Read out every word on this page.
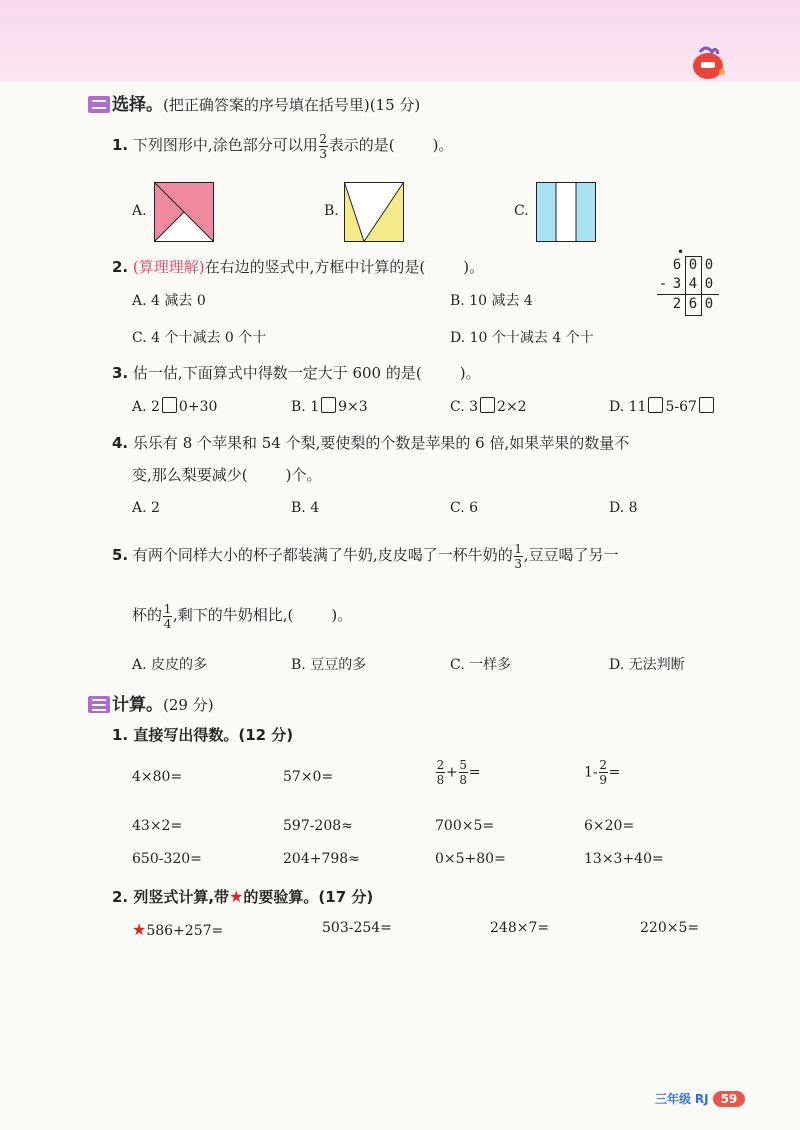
选择。(把正确答案的序号填在括号里)(15 分)
1. 下列图形中,涂色部分可以用 $\frac{2}{3}$ 表示的是(	)。
A.	B.	C.
2. (算理理解)在右边的竖式中,方框中计算的是(	)。
•
6 0 0
- 3 4 0
2 6 0
A. 4 减去 0	B. 10 减去 4
C. 4 个十减去 0 个十	D. 10 个十减去 4 个十
3. 估一估,下面算式中得数一定大于 600 的是(	)。
A. 2 0+30	B. 1 9×3	C. 3 2×2	D. 11 5-67
4. 乐乐有 8 个苹果和 54 个梨,要使梨的个数是苹果的 6 倍,如果苹果的数量不
变,那么梨要减少(	)个。
A. 2	B. 4	C. 6	D. 8
5. 有两个同样大小的杯子都装满了牛奶,皮皮喝了一杯牛奶的 $\frac{1}{3}$ ,豆豆喝了另一
杯的 $\frac{1}{4}$ ,剩下的牛奶相比,(	)。
A. 皮皮的多	B. 豆豆的多	C. 一样多	D. 无法判断
计算。(29 分)
1. 直接写出得数。(12 分)
4×80=	57×0=	$\frac{2}{8} + \frac{5}{8}$ =	$1- \frac{2}{9}$ =
43×2=	597-208≈	700×5=	6×20=
650-320=	204+798≈	0×5+80=	13×3+40=
2. 列竖式计算,带★的要验算。(17 分)
★586+257=	503-254=	248×7=	220×5=
三年级 RJ 59
